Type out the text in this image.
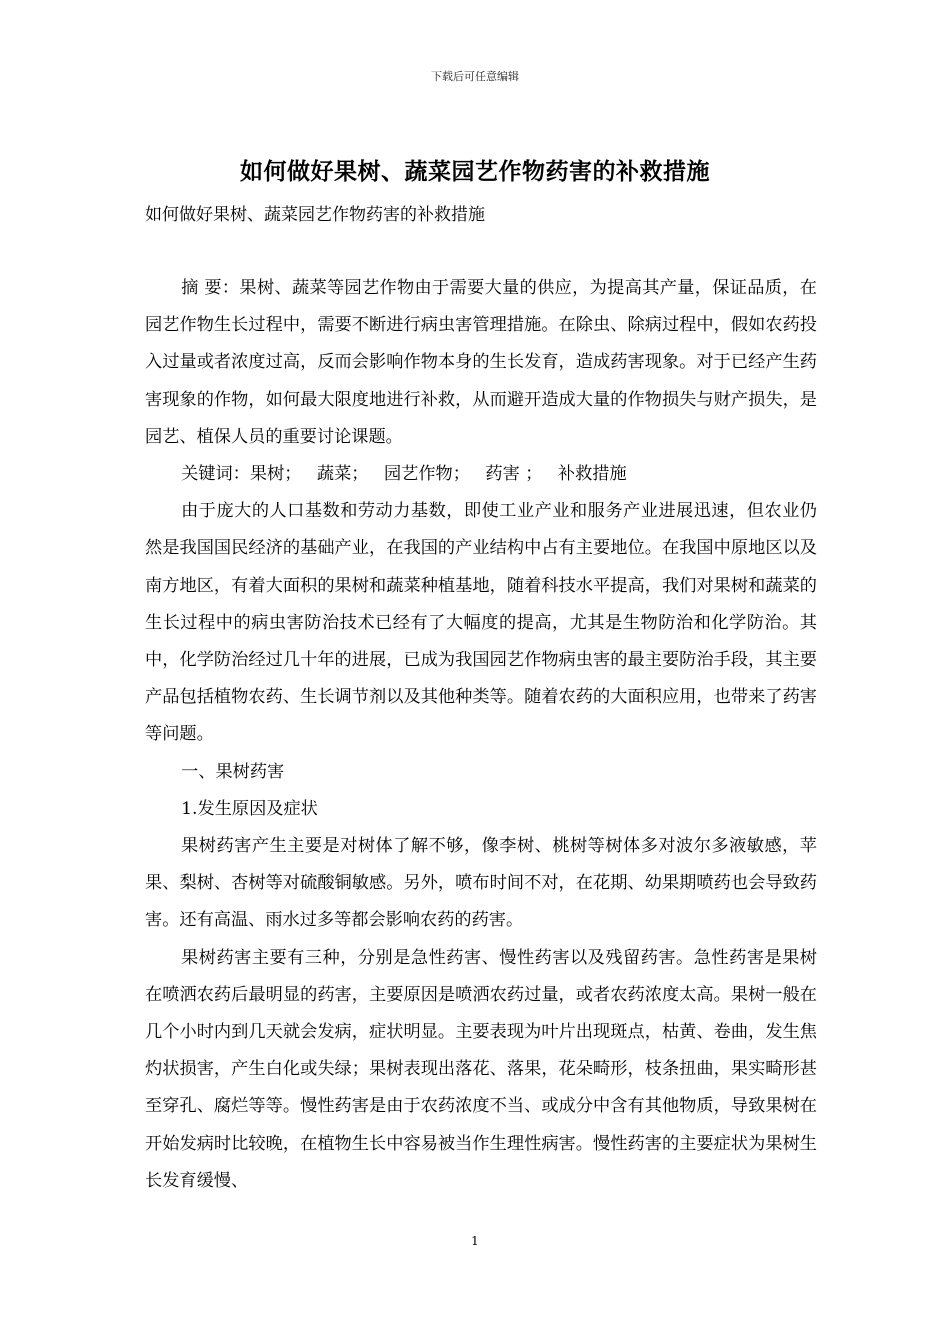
下载后可任意编辑
如何做好果树、蔬菜园艺作物药害的补救措施
如何做好果树、蔬菜园艺作物药害的补救措施

摘 要：果树、蔬菜等园艺作物由于需要大量的供应，为提高其产量，保证品质，在园艺作物生长过程中，需要不断进行病虫害管理措施。在除虫、除病过程中，假如农药投入过量或者浓度过高，反而会影响作物本身的生长发育，造成药害现象。对于已经产生药害现象的作物，如何最大限度地进行补救，从而避开造成大量的作物损失与财产损失，是园艺、植保人员的重要讨论课题。

关键词：果树； 蔬菜； 园艺作物； 药害 ； 补救措施

由于庞大的人口基数和劳动力基数，即使工业产业和服务产业进展迅速，但农业仍然是我国国民经济的基础产业，在我国的产业结构中占有主要地位。在我国中原地区以及南方地区，有着大面积的果树和蔬菜种植基地，随着科技水平提高，我们对果树和蔬菜的生长过程中的病虫害防治技术已经有了大幅度的提高，尤其是生物防治和化学防治。其中，化学防治经过几十年的进展，已成为我国园艺作物病虫害的最主要防治手段，其主要产品包括植物农药、生长调节剂以及其他种类等。随着农药的大面积应用，也带来了药害等问题。

一、果树药害

1.发生原因及症状

果树药害产生主要是对树体了解不够，像李树、桃树等树体多对波尔多液敏感，苹果、梨树、杏树等对硫酸铜敏感。另外，喷布时间不对，在花期、幼果期喷药也会导致药害。还有高温、雨水过多等都会影响农药的药害。

果树药害主要有三种，分别是急性药害、慢性药害以及残留药害。急性药害是果树在喷洒农药后最明显的药害，主要原因是喷洒农药过量，或者农药浓度太高。果树一般在几个小时内到几天就会发病，症状明显。主要表现为叶片出现斑点，枯黄、卷曲，发生焦灼状损害，产生白化或失绿；果树表现出落花、落果，花朵畸形，枝条扭曲，果实畸形甚至穿孔、腐烂等等。慢性药害是由于农药浓度不当、或成分中含有其他物质，导致果树在开始发病时比较晚，在植物生长中容易被当作生理性病害。慢性药害的主要症状为果树生长发育缓慢、

1
